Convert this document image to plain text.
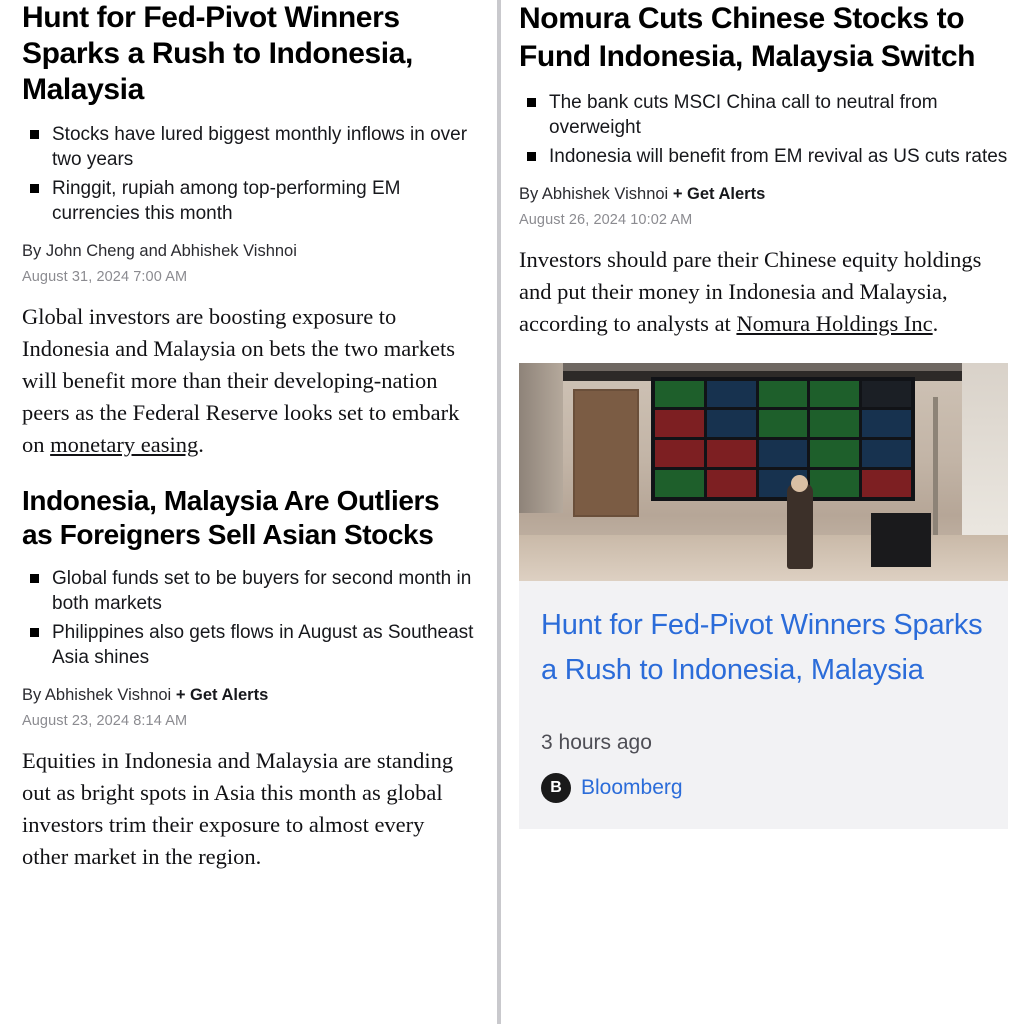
Hunt for Fed-Pivot Winners Sparks a Rush to Indonesia, Malaysia
Stocks have lured biggest monthly inflows in over two years
Ringgit, rupiah among top-performing EM currencies this month
By John Cheng and Abhishek Vishnoi
August 31, 2024 7:00 AM

Global investors are boosting exposure to Indonesia and Malaysia on bets the two markets will benefit more than their developing-nation peers as the Federal Reserve looks set to embark on monetary easing.

Indonesia, Malaysia Are Outliers as Foreigners Sell Asian Stocks
Global funds set to be buyers for second month in both markets
Philippines also gets flows in August as Southeast Asia shines
By Abhishek Vishnoi + Get Alerts
August 23, 2024 8:14 AM

Equities in Indonesia and Malaysia are standing out as bright spots in Asia this month as global investors trim their exposure to almost every other market in the region.

Nomura Cuts Chinese Stocks to Fund Indonesia, Malaysia Switch
The bank cuts MSCI China call to neutral from overweight
Indonesia will benefit from EM revival as US cuts rates
By Abhishek Vishnoi + Get Alerts
August 26, 2024 10:02 AM

Investors should pare their Chinese equity holdings and put their money in Indonesia and Malaysia, according to analysts at Nomura Holdings Inc.

Hunt for Fed-Pivot Winners Sparks a Rush to Indonesia, Malaysia
3 hours ago
B Bloomberg
